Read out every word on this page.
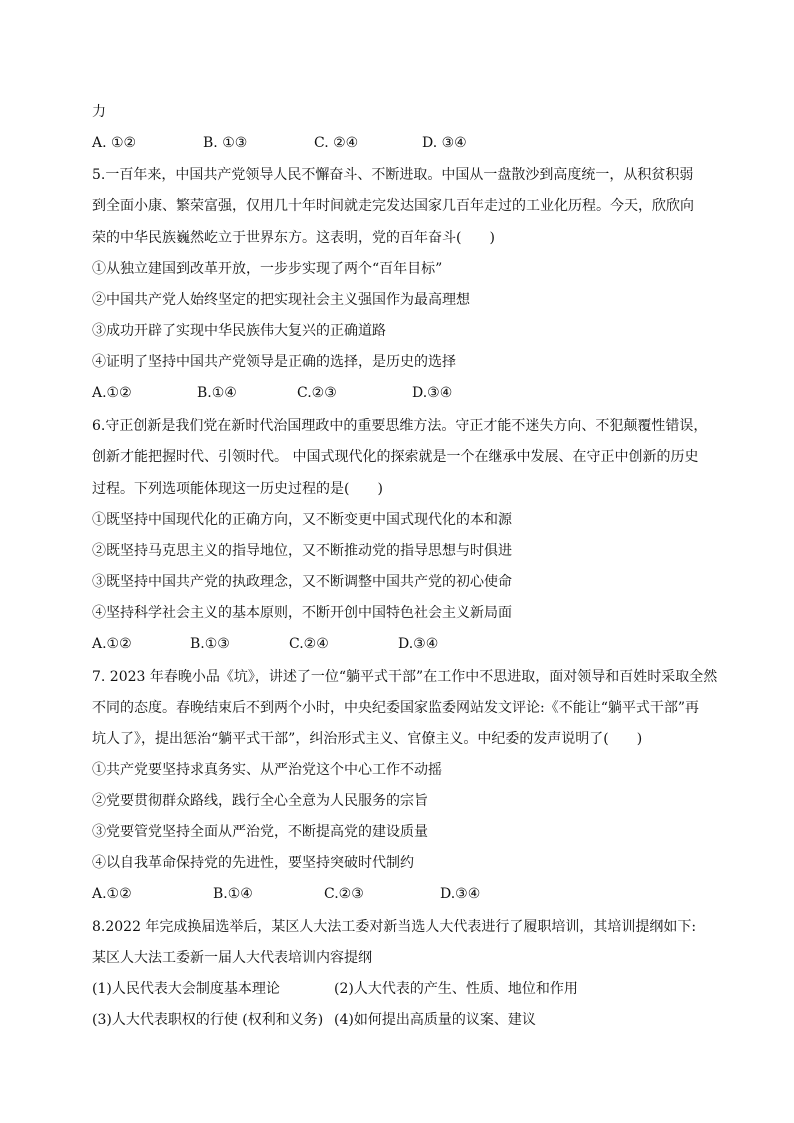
力
A. ①②	B. ①③	C. ②④	D. ③④
5.一百年来，中国共产党领导人民不懈奋斗、不断进取。中国从一盘散沙到高度统一，从积贫积弱
到全面小康、繁荣富强，仅用几十年时间就走完发达国家几百年走过的工业化历程。今天，欣欣向
荣的中华民族巍然屹立于世界东方。这表明，党的百年奋斗(　　)
①从独立建国到改革开放，一步步实现了两个“百年目标”
②中国共产党人始终坚定的把实现社会主义强国作为最高理想
③成功开辟了实现中华民族伟大复兴的正确道路
④证明了坚持中国共产党领导是正确的选择，是历史的选择
A.①②	B.①④	C.②③	D.③④
6.守正创新是我们党在新时代治国理政中的重要思维方法。守正才能不迷失方向、不犯颠覆性错误，
创新才能把握时代、引领时代。 中国式现代化的探索就是一个在继承中发展、在守正中创新的历史
过程。下列选项能体现这一历史过程的是(　　)
①既坚持中国现代化的正确方向，又不断变更中国式现代化的本和源
②既坚持马克思主义的指导地位，又不断推动党的指导思想与时俱进
③既坚持中国共产党的执政理念，又不断调整中国共产党的初心使命
④坚持科学社会主义的基本原则，不断开创中国特色社会主义新局面
A.①②	B.①③	C.②④	D.③④
7. 2023 年春晚小品《坑》，讲述了一位“躺平式干部”在工作中不思进取，面对领导和百姓时采取全然
不同的态度。春晚结束后不到两个小时，中央纪委国家监委网站发文评论:《不能让“躺平式干部”再
坑人了》，提出惩治“躺平式干部”，纠治形式主义、官僚主义。中纪委的发声说明了(　　)
①共产党要坚持求真务实、从严治党这个中心工作不动摇
②党要贯彻群众路线，践行全心全意为人民服务的宗旨
③党要管党坚持全面从严治党，不断提高党的建设质量
④以自我革命保持党的先进性，要坚持突破时代制约
A.①②	B.①④	C.②③	D.③④
8.2022 年完成换届选举后，某区人大法工委对新当选人大代表进行了履职培训，其培训提纲如下:
某区人大法工委新一届人大代表培训内容提纲
(1)人民代表大会制度基本理论	(2)人大代表的产生、性质、地位和作用
(3)人大代表职权的行使 (权利和义务) (4)如何提出高质量的议案、建议
